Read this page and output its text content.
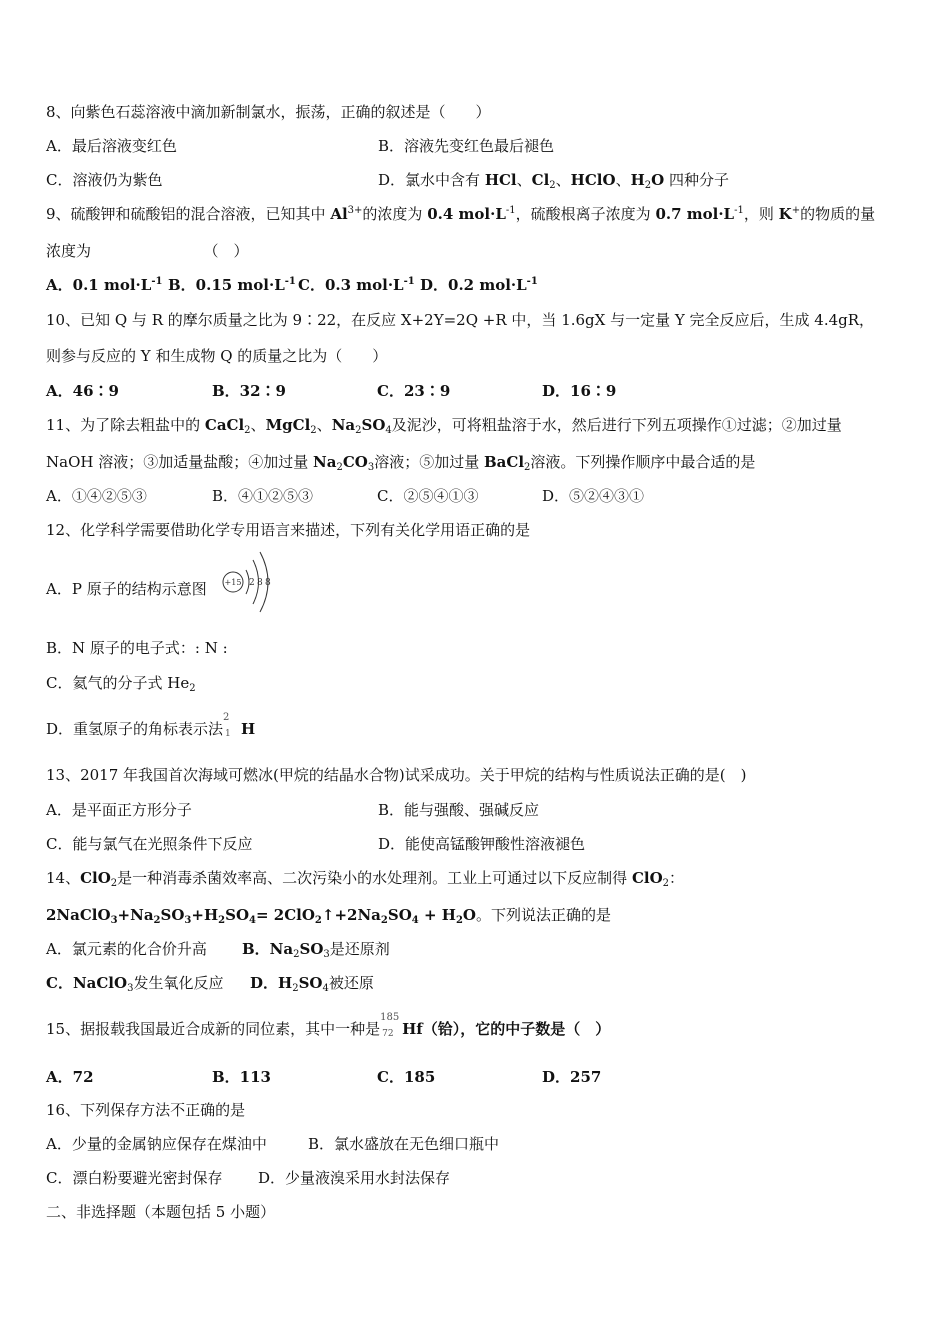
8、向紫色石蕊溶液中滴加新制氯水，振荡，正确的叙述是（　　）
A．最后溶液变红色	B．溶液先变红色最后褪色
C．溶液仍为紫色	D．氯水中含有 HCl、$Cl_2$、HClO、$H_2O$ 四种分子
9、硫酸钾和硫酸铝的混合溶液，已知其中 $Al^{3+}$的浓度为 0.4 $mol\cdot L^{-1}$，硫酸根离子浓度为 0.7 $mol\cdot L^{-1}$，则 K+的物质的量
浓度为　　　　　　　　（　）
A．0.1 $mol\cdot L^{-1}$ B．0.15 $mol\cdot L^{-1}$ C．0.3 $mol\cdot L^{-1}$ D．0.2 $mol\cdot L^{-1}$
10、已知 Q 与 R 的摩尔质量之比为 9∶22，在反应 X+2Y=2Q +R 中，当 1.6gX 与一定量 Y 完全反应后，生成 4.4gR，
则参与反应的 Y 和生成物 Q 的质量之比为（　　）
A．46∶9	B．32∶9	C．23∶9	D．16∶9
11、为了除去粗盐中的 CaCl$_2$、MgCl$_2$、$Na_2SO_4$及泥沙，可将粗盐溶于水，然后进行下列五项操作①过滤；②加过量
NaOH 溶液；③加适量盐酸；④加过量 $Na_2CO_3$溶液；⑤加过量 BaCl$_2$溶液。下列操作顺序中最合适的是
A．①④②⑤③	B．④①②⑤③	C．②⑤④①③	D．⑤②④③①
12、化学科学需要借助化学专用语言来描述，下列有关化学用语正确的是
A．P 原子的结构示意图 +15 2 8 8
B．N 原子的电子式：: N :
C．氦气的分子式 $He_2$
D．重氢原子的角标表示法
2
1 H
13、2017 年我国首次海域可燃冰(甲烷的结晶水合物)试采成功。关于甲烷的结构与性质说法正确的是(　)
A．是平面正方形分子	B．能与强酸、强碱反应
C．能与氯气在光照条件下反应	D．能使高锰酸钾酸性溶液褪色
14、ClO$_2$是一种消毒杀菌效率高、二次污染小的水处理剂。工业上可通过以下反应制得 ClO$_2$：
$2NaClO_3+Na_2SO_3+H_2SO_4=$ $2ClO_2↑+2Na_2SO_4 + H_2O$。下列说法正确的是
A．氯元素的化合价升高 B．$Na_2SO_3$是还原剂
C．NaClO$_3$发生氧化反应 D．$H_2SO_4$被还原
15、据报载我国最近合成新的同位素，其中一种是
185
72 Hf（铪），它的中子数是（　）
A．72	B．113	C．185	D．257
16、下列保存方法不正确的是
A．少量的金属钠应保存在煤油中	B．氯水盛放在无色细口瓶中
C．漂白粉要避光密封保存 D．少量液溴采用水封法保存
二、非选择题（本题包括 5 小题）
